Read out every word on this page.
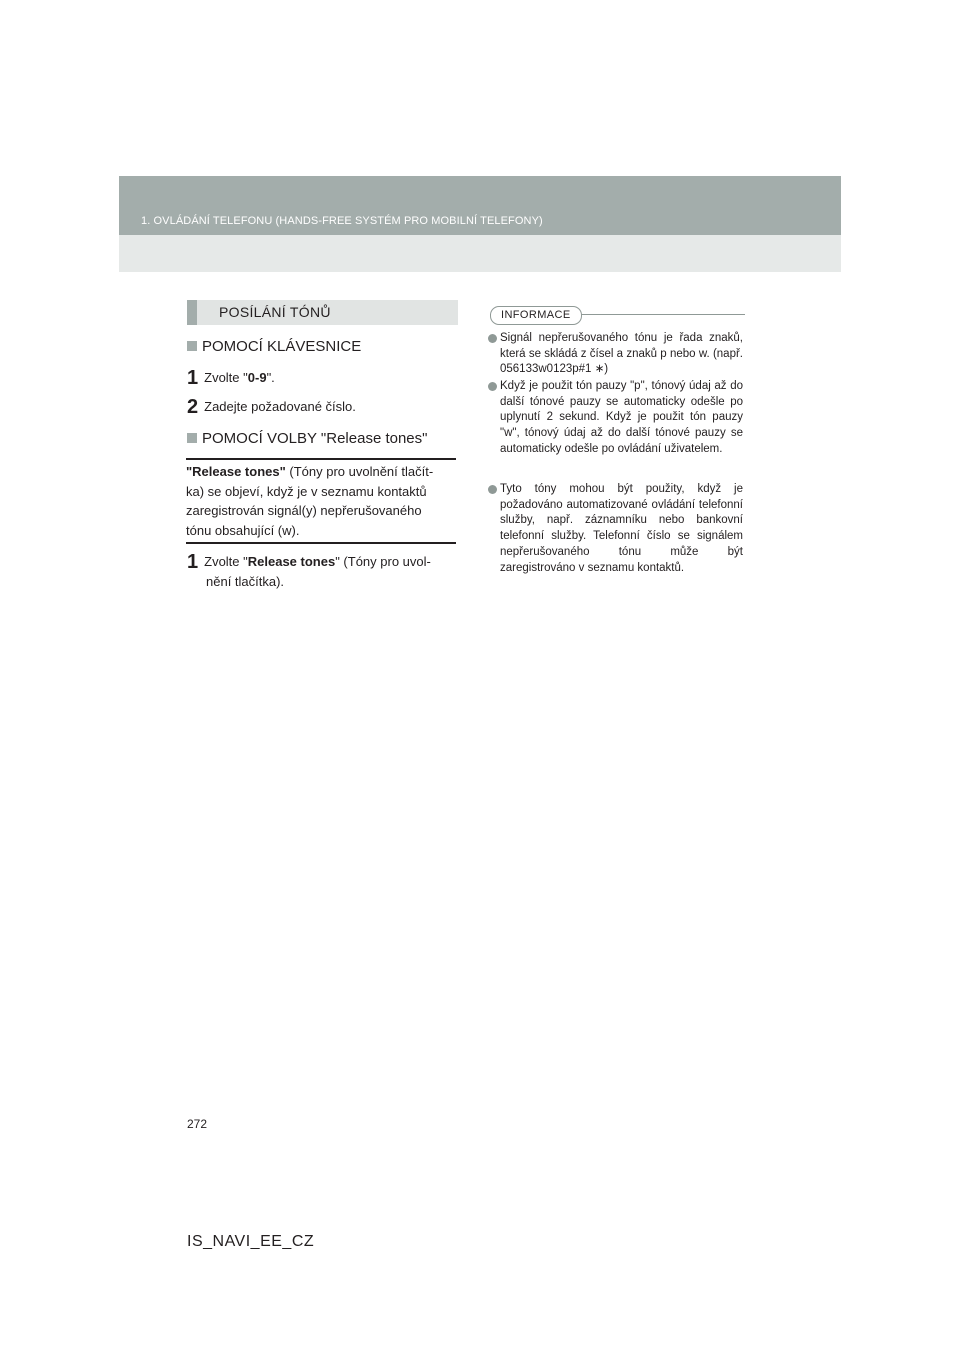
1. OVLÁDÁNÍ TELEFONU (HANDS-FREE SYSTÉM PRO MOBILNÍ TELEFONY)
POSÍLÁNÍ TÓNŮ
POMOCÍ KLÁVESNICE
1 Zvolte "0-9".
2 Zadejte požadované číslo.
POMOCÍ VOLBY "Release tones"
"Release tones" (Tóny pro uvolnění tlačít-
ka) se objeví, když je v seznamu kontaktů
zaregistrován signál(y) nepřerušovaného
tónu obsahující (w).
1 Zvolte "Release tones" (Tóny pro uvol-
nění tlačítka).
INFORMACE
Signál nepřerušovaného tónu je řada znaků, která se skládá z čísel a znaků p nebo w. (např. 056133w0123p#1 ∗)
Když je použit tón pauzy "p", tónový údaj až do další tónové pauzy se automaticky odešle po uplynutí 2 sekund. Když je použit tón pauzy "w", tónový údaj až do další tónové pauzy se automaticky odešle po ovládání uživatelem.
Tyto tóny mohou být použity, když je požadováno automatizované ovládání telefonní služby, např. záznamníku nebo bankovní telefonní služby. Telefonní číslo se signálem nepřerušovaného tónu může být zaregistrováno v seznamu kontaktů.
272
IS_NAVI_EE_CZ
